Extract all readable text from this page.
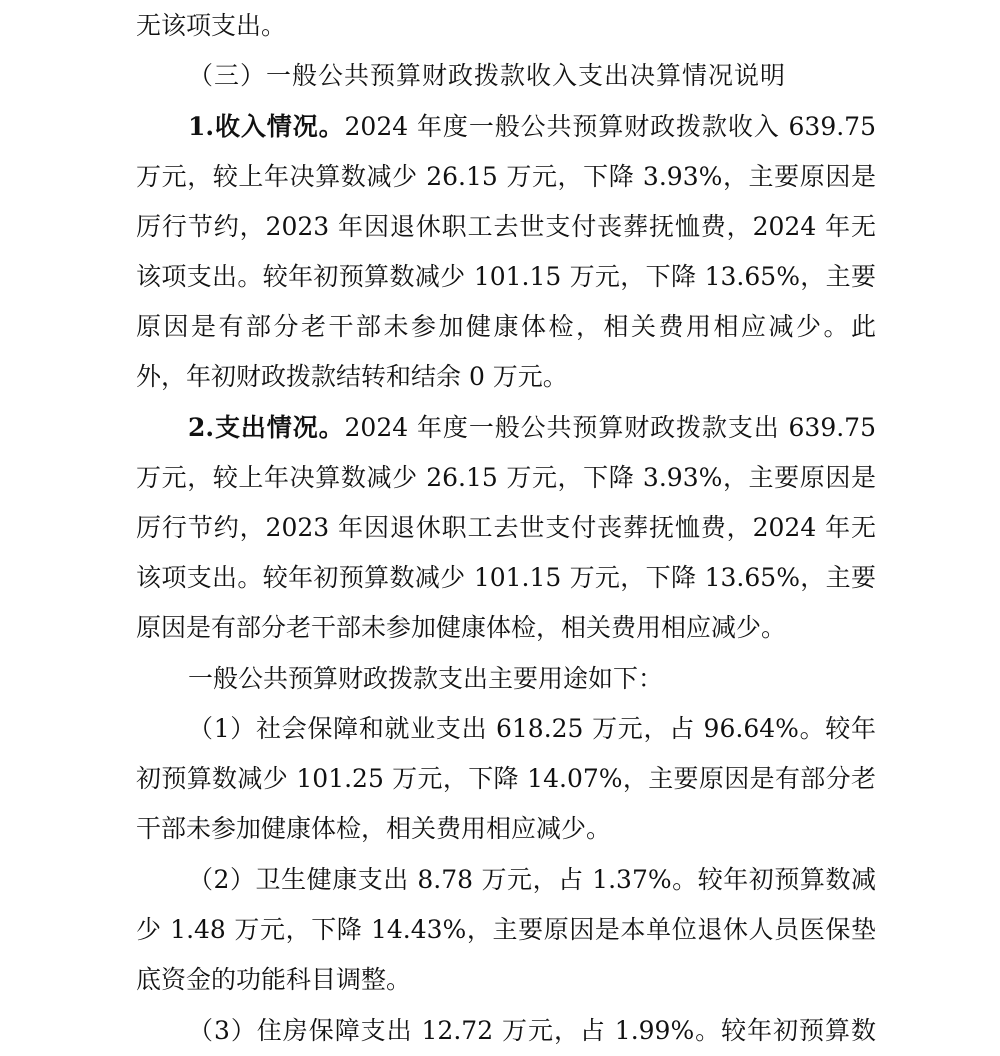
无该项支出。
（三）一般公共预算财政拨款收入支出决算情况说明
1.收入情况。2024 年度一般公共预算财政拨款收入 639.75
万元，较上年决算数减少 26.15 万元，下降 3.93%，主要原因是
厉行节约，2023 年因退休职工去世支付丧葬抚恤费，2024 年无
该项支出。较年初预算数减少 101.15 万元，下降 13.65%，主要
原因是有部分老干部未参加健康体检，相关费用相应减少。此
外，年初财政拨款结转和结余 0 万元。
2.支出情况。2024 年度一般公共预算财政拨款支出 639.75
万元，较上年决算数减少 26.15 万元，下降 3.93%，主要原因是
厉行节约，2023 年因退休职工去世支付丧葬抚恤费，2024 年无
该项支出。较年初预算数减少 101.15 万元，下降 13.65%，主要
原因是有部分老干部未参加健康体检，相关费用相应减少。
一般公共预算财政拨款支出主要用途如下：
（1）社会保障和就业支出 618.25 万元，占 96.64%。较年
初预算数减少 101.25 万元，下降 14.07%，主要原因是有部分老
干部未参加健康体检，相关费用相应减少。
（2）卫生健康支出 8.78 万元，占 1.37%。较年初预算数减
少 1.48 万元，下降 14.43%，主要原因是本单位退休人员医保垫
底资金的功能科目调整。
（3）住房保障支出 12.72 万元，占 1.99%。较年初预算数
